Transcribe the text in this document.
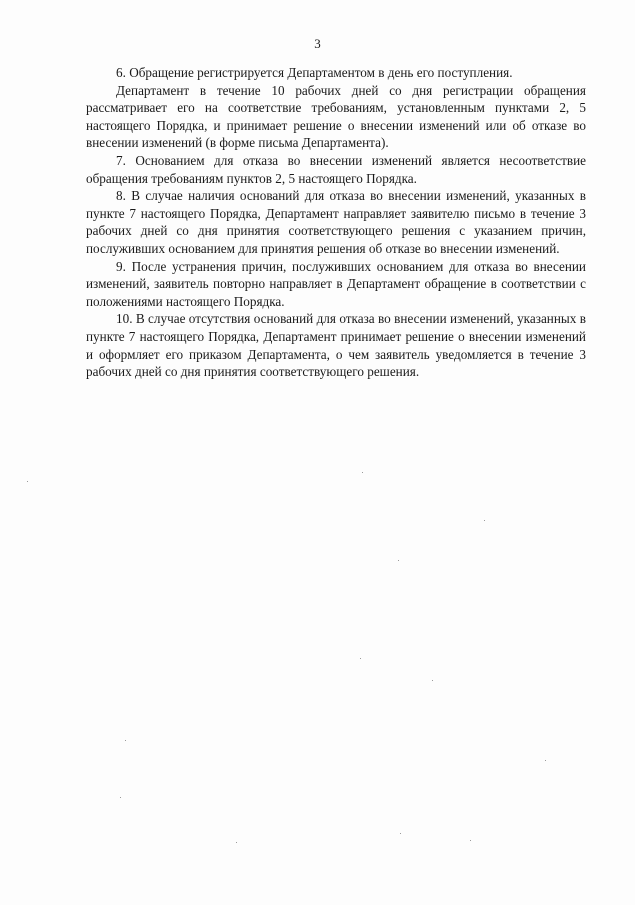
3

6. Обращение регистрируется Департаментом в день его поступления.

Департамент в течение 10 рабочих дней со дня регистрации обращения рассматривает его на соответствие требованиям, установленным пунктами 2, 5 настоящего Порядка, и принимает решение о внесении изменений или об отказе во внесении изменений (в форме письма Департамента).

7. Основанием для отказа во внесении изменений является несоответствие обращения требованиям пунктов 2, 5 настоящего Порядка.

8. В случае наличия оснований для отказа во внесении изменений, указанных в пункте 7 настоящего Порядка, Департамент направляет заявителю письмо в течение 3 рабочих дней со дня принятия соответствующего решения с указанием причин, послуживших основанием для принятия решения об отказе во внесении изменений.

9. После устранения причин, послуживших основанием для отказа во внесении изменений, заявитель повторно направляет в Департамент обращение в соответствии с положениями настоящего Порядка.

10. В случае отсутствия оснований для отказа во внесении изменений, указанных в пункте 7 настоящего Порядка, Департамент принимает решение о внесении изменений и оформляет его приказом Департамента, о чем заявитель уведомляется в течение 3 рабочих дней со дня принятия соответствующего решения.
